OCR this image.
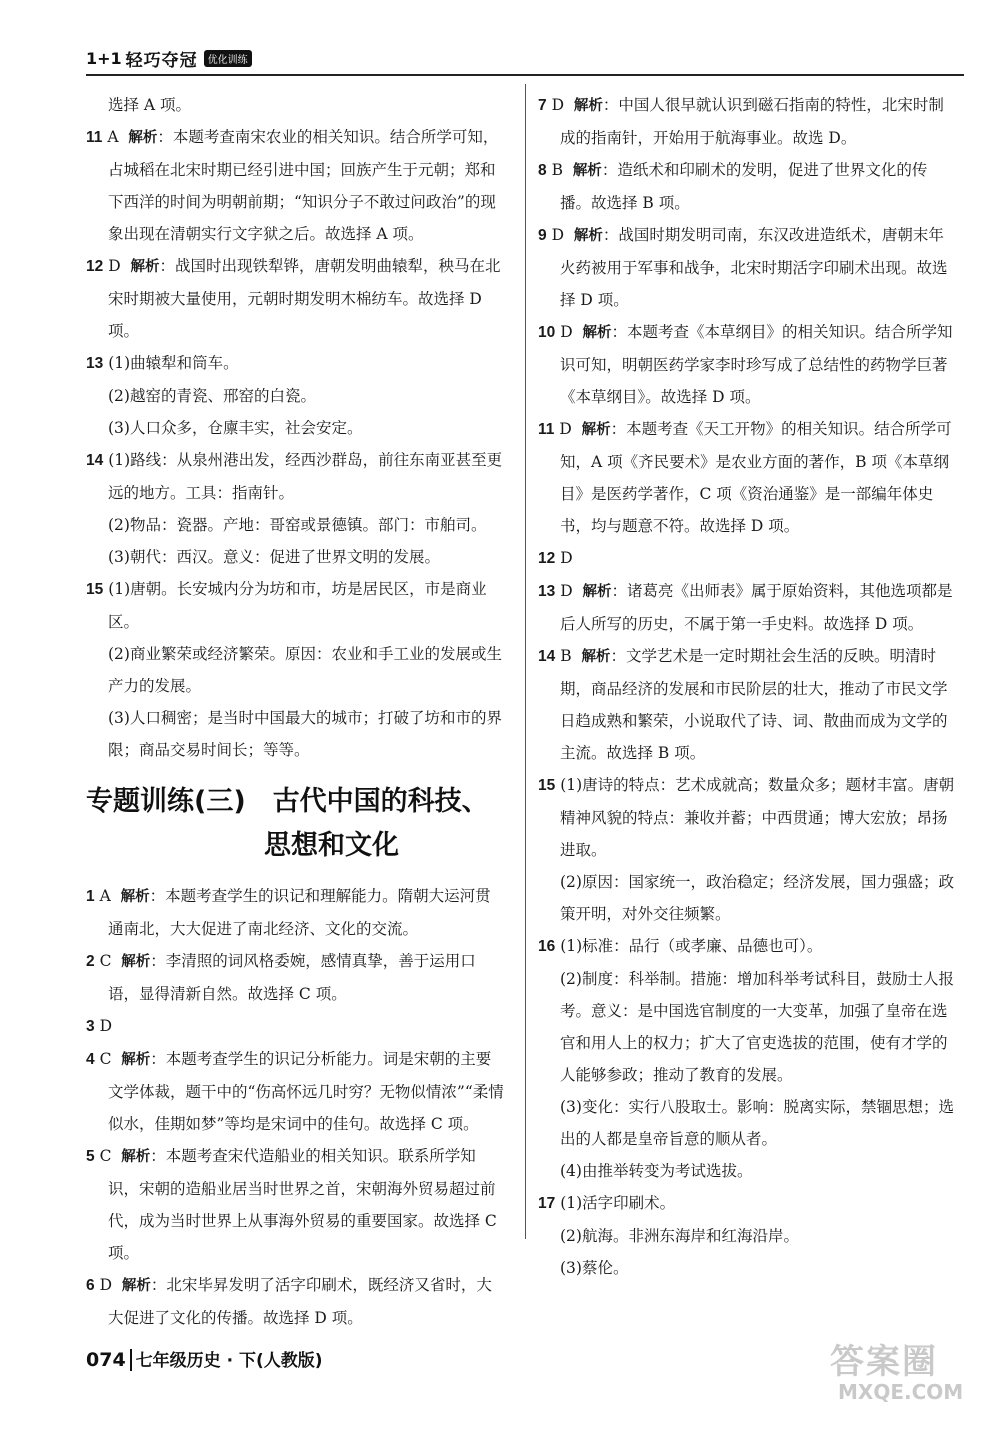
1+1 轻巧夺冠	优化训练

选择 A 项。

11 A 解析：本题考查南宋农业的相关知识。结合所学可知，占城稻在北宋时期已经引进中国；回族产生于元朝；郑和下西洋的时间为明朝前期；“知识分子不敢过问政治”的现象出现在清朝实行文字狱之后。故选择 A 项。

12 D 解析：战国时出现铁犁铧，唐朝发明曲辕犁，秧马在北宋时期被大量使用，元朝时期发明木棉纺车。故选择 D 项。

13 (1)曲辕犁和筒车。

(2)越窑的青瓷、邢窑的白瓷。

(3)人口众多，仓廪丰实，社会安定。

14 (1)路线：从泉州港出发，经西沙群岛，前往东南亚甚至更远的地方。工具：指南针。

(2)物品：瓷器。产地：哥窑或景德镇。部门：市舶司。

(3)朝代：西汉。意义：促进了世界文明的发展。

15 (1)唐朝。长安城内分为坊和市，坊是居民区，市是商业区。

(2)商业繁荣或经济繁荣。原因：农业和手工业的发展或生产力的发展。

(3)人口稠密；是当时中国最大的城市；打破了坊和市的界限；商品交易时间长；等等。

专题训练(三)　古代中国的科技、
思想和文化

1 A 解析：本题考查学生的识记和理解能力。隋朝大运河贯通南北，大大促进了南北经济、文化的交流。

2 C 解析：李清照的词风格委婉，感情真挚，善于运用口语，显得清新自然。故选择 C 项。

3 D

4 C 解析：本题考查学生的识记分析能力。词是宋朝的主要文学体裁，题干中的“伤高怀远几时穷？无物似情浓”“柔情似水，佳期如梦”等均是宋词中的佳句。故选择 C 项。

5 C 解析：本题考查宋代造船业的相关知识。联系所学知识，宋朝的造船业居当时世界之首，宋朝海外贸易超过前代，成为当时世界上从事海外贸易的重要国家。故选择 C 项。

6 D 解析：北宋毕昇发明了活字印刷术，既经济又省时，大大促进了文化的传播。故选择 D 项。

7 D 解析：中国人很早就认识到磁石指南的特性，北宋时制成的指南针，开始用于航海事业。故选 D。

8 B 解析：造纸术和印刷术的发明，促进了世界文化的传播。故选择 B 项。

9 D 解析：战国时期发明司南，东汉改进造纸术，唐朝末年火药被用于军事和战争，北宋时期活字印刷术出现。故选择 D 项。

10 D 解析：本题考查《本草纲目》的相关知识。结合所学知识可知，明朝医药学家李时珍写成了总结性的药物学巨著《本草纲目》。故选择 D 项。

11 D 解析：本题考查《天工开物》的相关知识。结合所学可知，A 项《齐民要术》是农业方面的著作，B 项《本草纲目》是医药学著作，C 项《资治通鉴》是一部编年体史书，均与题意不符。故选择 D 项。

12 D

13 D 解析：诸葛亮《出师表》属于原始资料，其他选项都是后人所写的历史，不属于第一手史料。故选择 D 项。

14 B 解析：文学艺术是一定时期社会生活的反映。明清时期，商品经济的发展和市民阶层的壮大，推动了市民文学日趋成熟和繁荣，小说取代了诗、词、散曲而成为文学的主流。故选择 B 项。

15 (1)唐诗的特点：艺术成就高；数量众多；题材丰富。唐朝精神风貌的特点：兼收并蓄；中西贯通；博大宏放；昂扬进取。

(2)原因：国家统一，政治稳定；经济发展，国力强盛；政策开明，对外交往频繁。

16 (1)标准：品行（或孝廉、品德也可）。

(2)制度：科举制。措施：增加科举考试科目，鼓励士人报考。意义：是中国选官制度的一大变革，加强了皇帝在选官和用人上的权力；扩大了官吏选拔的范围，使有才学的人能够参政；推动了教育的发展。

(3)变化：实行八股取士。影响：脱离实际，禁锢思想；选出的人都是皇帝旨意的顺从者。

(4)由推举转变为考试选拔。

17 (1)活字印刷术。

(2)航海。非洲东海岸和红海沿岸。

(3)蔡伦。

074 七年级历史 · 下(人教版)	答案圈
MXQE.COM
